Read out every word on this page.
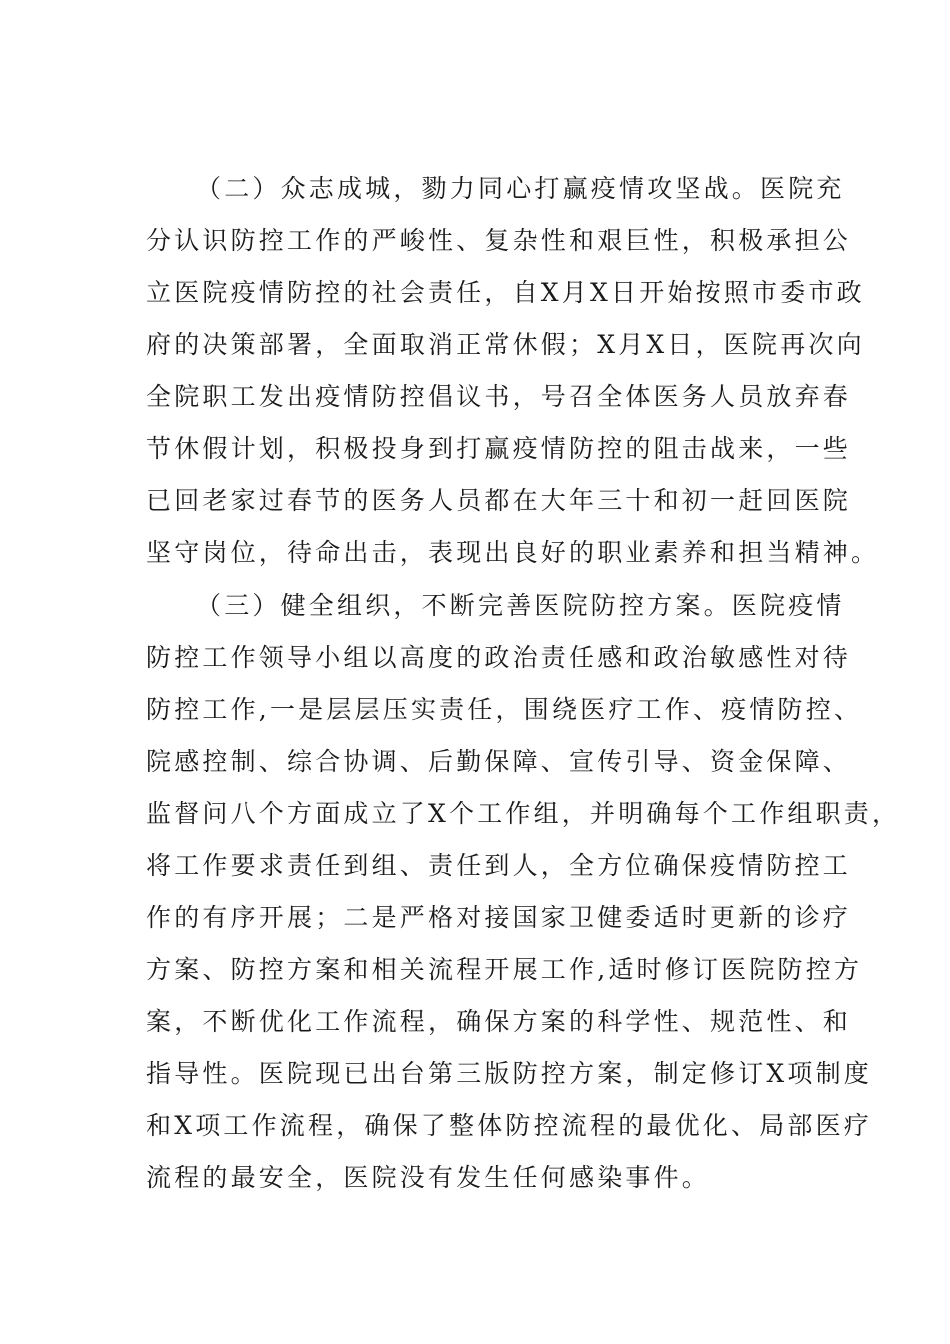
（二）众志成城，勠力同心打赢疫情攻坚战。医院充
分认识防控工作的严峻性、复杂性和艰巨性，积极承担公
立医院疫情防控的社会责任，自X月X日开始按照市委市政
府的决策部署，全面取消正常休假；X月X日，医院再次向
全院职工发出疫情防控倡议书，号召全体医务人员放弃春
节休假计划，积极投身到打赢疫情防控的阻击战来，一些
已回老家过春节的医务人员都在大年三十和初一赶回医院
坚守岗位，待命出击，表现出良好的职业素养和担当精神。

（三）健全组织，不断完善医院防控方案。医院疫情
防控工作领导小组以高度的政治责任感和政治敏感性对待
防控工作,一是层层压实责任，围绕医疗工作、疫情防控、
院感控制、综合协调、后勤保障、宣传引导、资金保障、
监督问八个方面成立了X个工作组，并明确每个工作组职责，
将工作要求责任到组、责任到人，全方位确保疫情防控工
作的有序开展；二是严格对接国家卫健委适时更新的诊疗
方案、防控方案和相关流程开展工作,适时修订医院防控方
案，不断优化工作流程，确保方案的科学性、规范性、和
指导性。医院现已出台第三版防控方案，制定修订X项制度
和X项工作流程，确保了整体防控流程的最优化、局部医疗
流程的最安全，医院没有发生任何感染事件。
